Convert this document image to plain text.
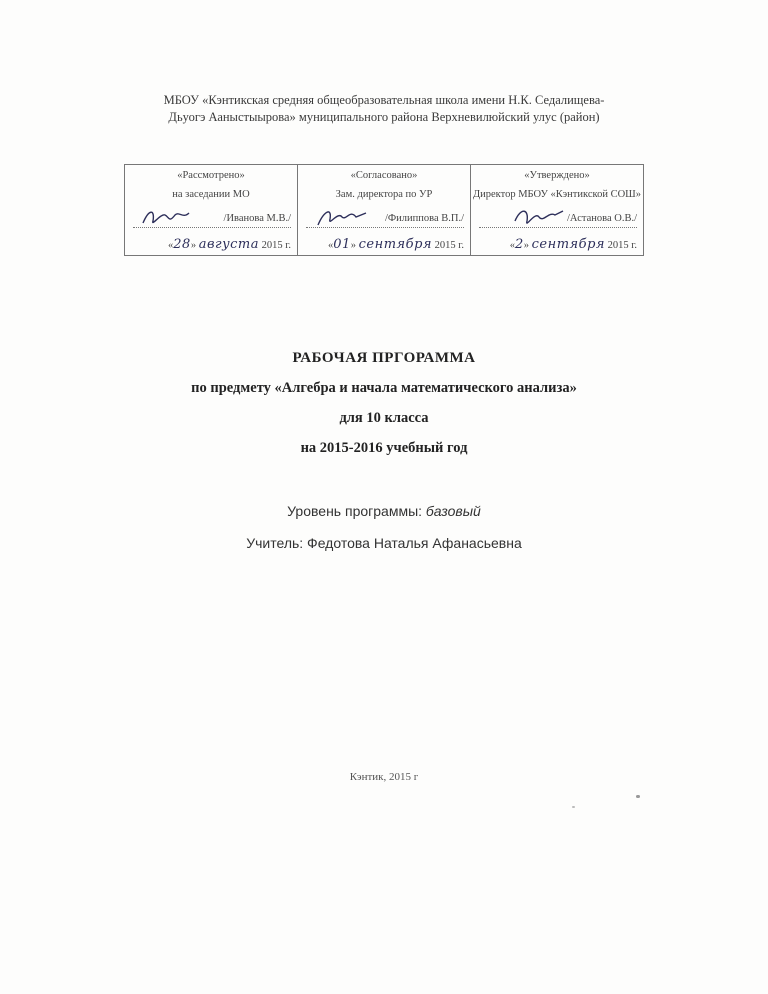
МБОУ «Кэнтикская средняя общеобразовательная школа имени Н.К. Седалищева-
Дьуогэ Ааныстыырова» муниципального района Верхневилюйский улус (район)
«Рассмотрено»
на заседании МО
/Иванова М.В./
«28» августа 2015 г.
«Согласовано»
Зам. директора по УР
/Филиппова В.П./
«01» сентября 2015 г.
«Утверждено»
Директор МБОУ «Кэнтикской СОШ»
/Астанова О.В./
«2» сентября 2015 г.
РАБОЧАЯ ПРГОРАММА
по предмету «Алгебра и начала математического анализа»
для 10 класса
на 2015-2016 учебный год
Уровень программы: базовый
Учитель: Федотова Наталья Афанасьевна
Кэнтик, 2015 г
